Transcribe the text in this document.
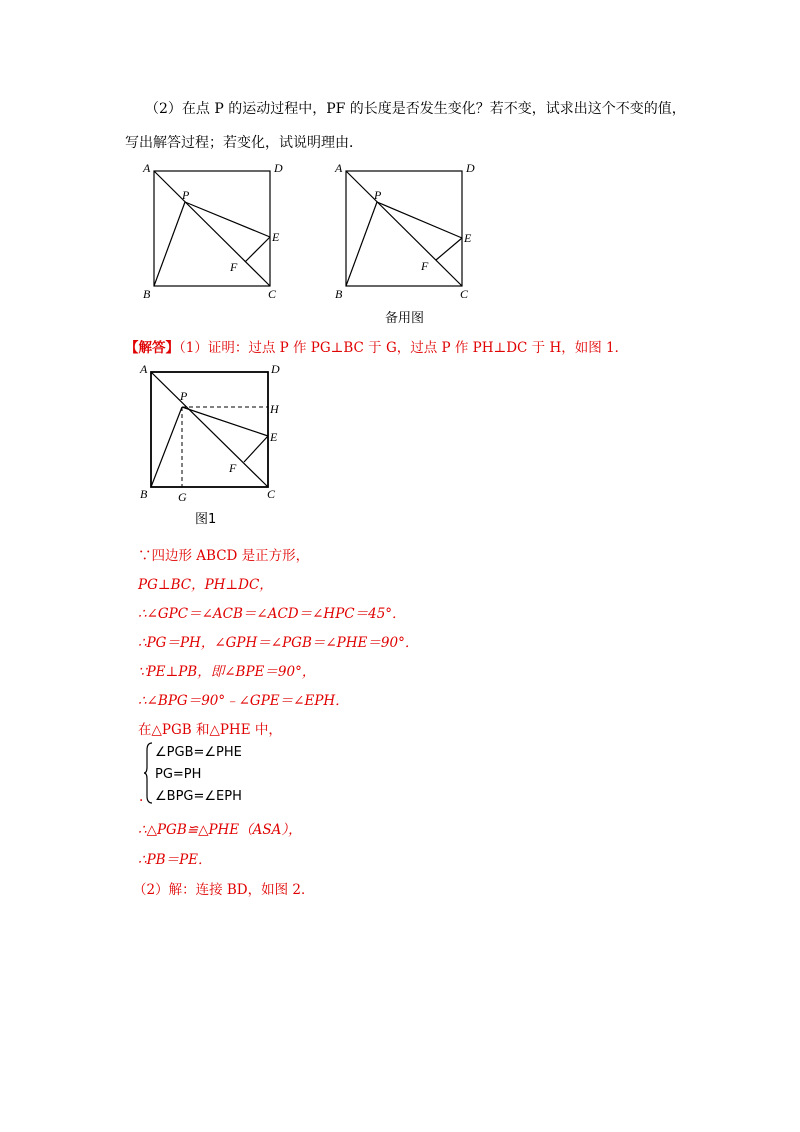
（2）在点 P 的运动过程中，PF 的长度是否发生变化？若不变，试求出这个不变的值，
写出解答过程；若变化，试说明理由．
A	D
P
E
F
B	C
A	D
P
E
F
B	C
备用图
【解答】（1）证明：过点 P 作 PG⊥BC 于 G，过点 P 作 PH⊥DC 于 H，如图 1．
A	D
P
H
E
F
B	G	C
图1
∵四边形 ABCD 是正方形，
PG⊥BC，PH⊥DC，
∴∠GPC＝∠ACB＝∠ACD＝∠HPC＝45°．
∴PG＝PH，∠GPH＝∠PGB＝∠PHE＝90°．
∵PE⊥PB，即∠BPE＝90°，
∴∠BPG＝90°﹣∠GPE＝∠EPH．
在△PGB 和△PHE 中，
∠PGB=∠PHE
PG=PH
∠BPG=∠EPH
.
∴△PGB≌△PHE（ASA），
∴PB＝PE．
（2）解：连接 BD，如图 2．
